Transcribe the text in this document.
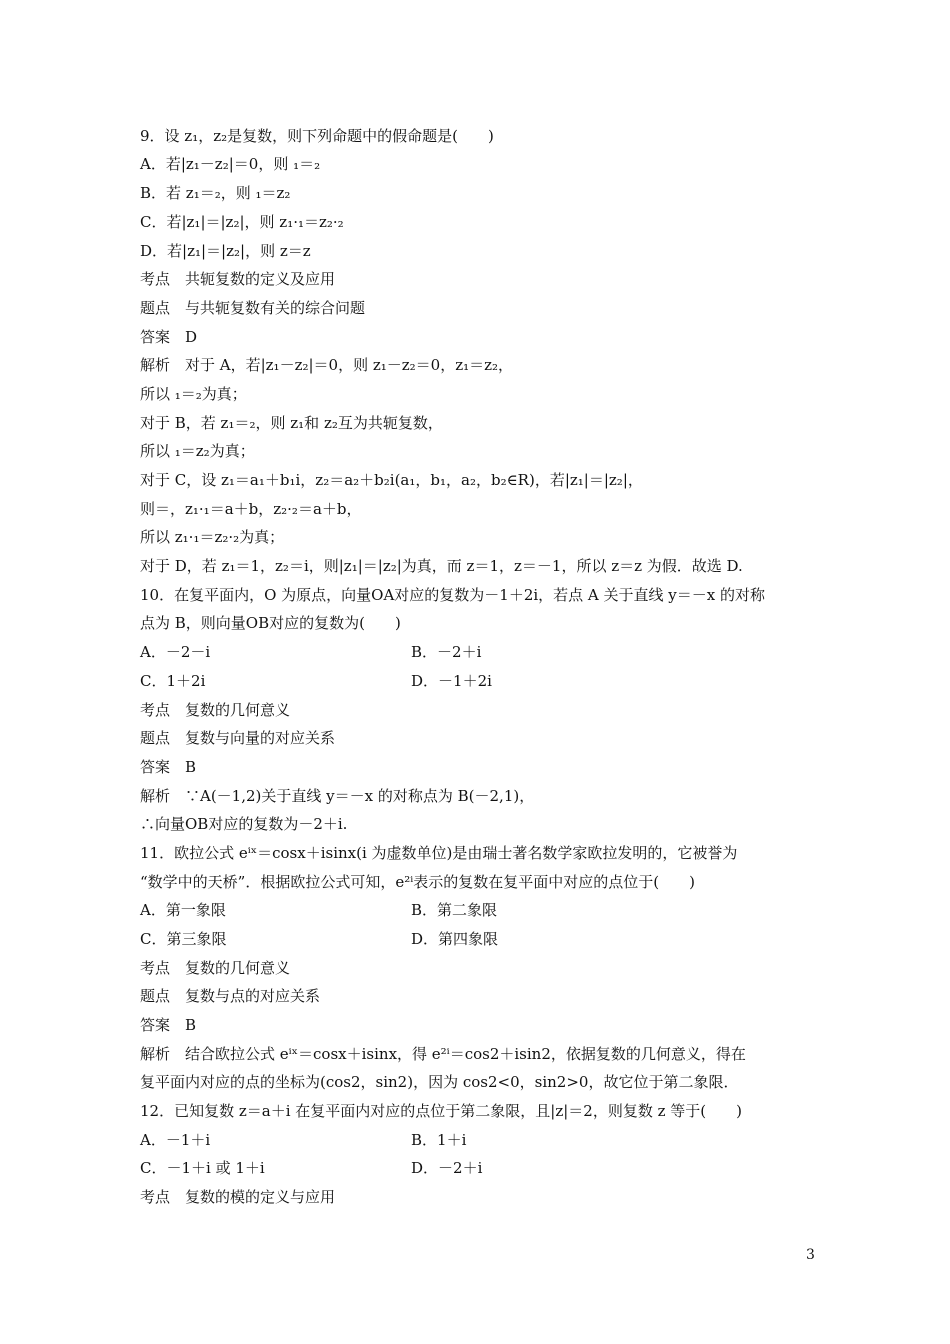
9．设 z₁，z₂是复数，则下列命题中的假命题是(　　)
A．若|z₁－z₂|＝0，则 ₁＝₂
B．若 z₁＝₂，则 ₁＝z₂
C．若|z₁|＝|z₂|，则 z₁·₁＝z₂·₂
D．若|z₁|＝|z₂|，则 z＝z
考点　共轭复数的定义及应用
题点　与共轭复数有关的综合问题
答案　D
解析　对于 A，若|z₁－z₂|＝0，则 z₁－z₂＝0，z₁＝z₂，
所以 ₁＝₂为真；
对于 B，若 z₁＝₂，则 z₁和 z₂互为共轭复数，
所以 ₁＝z₂为真；
对于 C，设 z₁＝a₁＋b₁i，z₂＝a₂＋b₂i(a₁，b₁，a₂，b₂∈R)，若|z₁|＝|z₂|，
则＝，z₁·₁＝a＋b，z₂·₂＝a＋b，
所以 z₁·₁＝z₂·₂为真；
对于 D，若 z₁＝1，z₂＝i，则|z₁|＝|z₂|为真，而 z＝1，z＝－1，所以 z＝z 为假．故选 D.
10．在复平面内，O 为原点，向量OA对应的复数为－1＋2i，若点 A 关于直线 y＝－x 的对称
点为 B，则向量OB对应的复数为(　　)
A．－2－i	B．－2＋i
C．1＋2i	D．－1＋2i
考点　复数的几何意义
题点　复数与向量的对应关系
答案　B
解析　∵A(－1,2)关于直线 y＝－x 的对称点为 B(－2,1)，
∴向量OB对应的复数为－2＋i.
11．欧拉公式 eⁱˣ＝cosx＋isinx(i 为虚数单位)是由瑞士著名数学家欧拉发明的，它被誉为
“数学中的天桥”．根据欧拉公式可知，e²ⁱ表示的复数在复平面中对应的点位于(　　)
A．第一象限	B．第二象限
C．第三象限	D．第四象限
考点　复数的几何意义
题点　复数与点的对应关系
答案　B
解析　结合欧拉公式 eⁱˣ＝cosx＋isinx，得 e²ⁱ＝cos2＋isin2，依据复数的几何意义，得在
复平面内对应的点的坐标为(cos2，sin2)，因为 cos2<0，sin2>0，故它位于第二象限．
12．已知复数 z＝a＋i 在复平面内对应的点位于第二象限，且|z|＝2，则复数 z 等于(　　)
A．－1＋i	B．1＋i
C．－1＋i 或 1＋i	D．－2＋i
考点　复数的模的定义与应用
3
